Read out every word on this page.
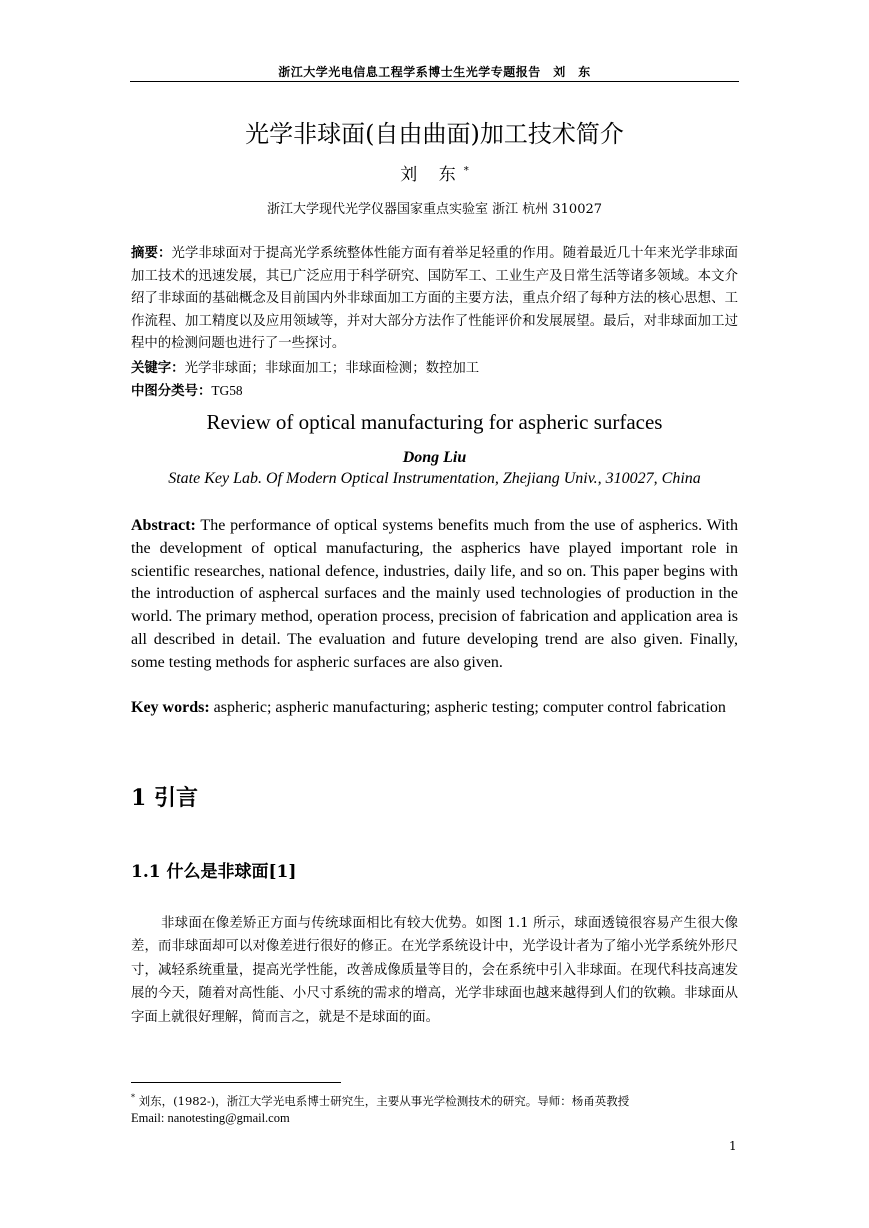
浙江大学光电信息工程学系博士生光学专题报告　刘　东
光学非球面(自由曲面)加工技术简介
刘 东*
浙江大学现代光学仪器国家重点实验室 浙江 杭州 310027
摘要：光学非球面对于提高光学系统整体性能方面有着举足轻重的作用。随着最近几十年来光学非球面加工技术的迅速发展，其已广泛应用于科学研究、国防军工、工业生产及日常生活等诸多领域。本文介绍了非球面的基础概念及目前国内外非球面加工方面的主要方法，重点介绍了每种方法的核心思想、工作流程、加工精度以及应用领域等，并对大部分方法作了性能评价和发展展望。最后，对非球面加工过程中的检测问题也进行了一些探讨。
关键字：光学非球面；非球面加工；非球面检测；数控加工
中图分类号：TG58
Review of optical manufacturing for aspheric surfaces
Dong Liu
State Key Lab. Of Modern Optical Instrumentation, Zhejiang Univ., 310027, China
Abstract: The performance of optical systems benefits much from the use of aspherics. With the development of optical manufacturing, the aspherics have played important role in scientific researches, national defence, industries, daily life, and so on. This paper begins with the introduction of asphercal surfaces and the mainly used technologies of production in the world. The primary method, operation process, precision of fabrication and application area is all described in detail. The evaluation and future developing trend are also given. Finally, some testing methods for aspheric surfaces are also given.
Key words: aspheric; aspheric manufacturing; aspheric testing; computer control fabrication
1 引言
1.1 什么是非球面[1]
非球面在像差矫正方面与传统球面相比有较大优势。如图 1.1 所示，球面透镜很容易产生很大像差，而非球面却可以对像差进行很好的修正。在光学系统设计中，光学设计者为了缩小光学系统外形尺寸，减轻系统重量，提高光学性能，改善成像质量等目的，会在系统中引入非球面。在现代科技高速发展的今天，随着对高性能、小尺寸系统的需求的增高，光学非球面也越来越得到人们的钦赖。非球面从字面上就很好理解，简而言之，就是不是球面的面。
* 刘东，(1982-)，浙江大学光电系博士研究生，主要从事光学检测技术的研究。导师：杨甬英教授
Email: nanotesting@gmail.com
1
